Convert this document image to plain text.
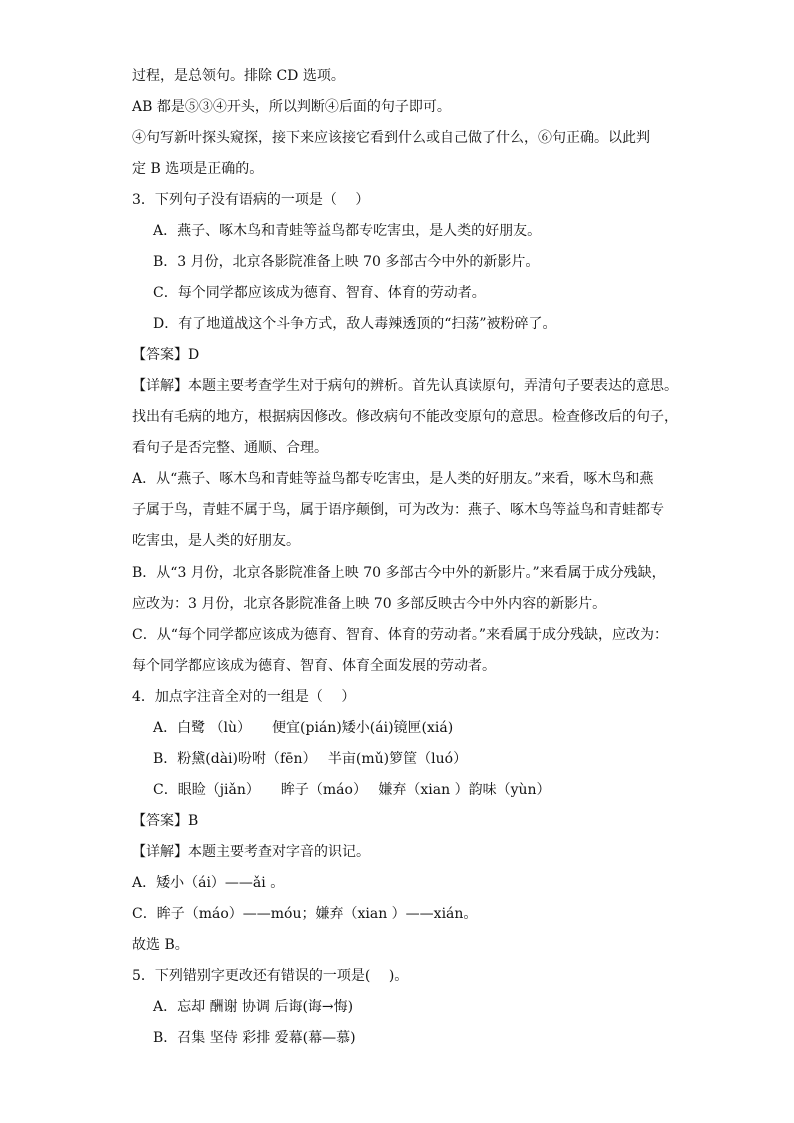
过程，是总领句。排除 CD 选项。
AB 都是⑤③④开头，所以判断④后面的句子即可。
④句写新叶探头窥探，接下来应该接它看到什么或自己做了什么，⑥句正确。以此判
定 B 选项是正确的。
3．下列句子没有语病的一项是（　 ）
A．燕子、啄木鸟和青蛙等益鸟都专吃害虫，是人类的好朋友。
B．3 月份，北京各影院准备上映 70 多部古今中外的新影片。
C．每个同学都应该成为德育、智育、体育的劳动者。
D．有了地道战这个斗争方式，敌人毒辣透顶的“扫荡”被粉碎了。
【答案】D
【详解】本题主要考查学生对于病句的辨析。首先认真读原句，弄清句子要表达的意思。
找出有毛病的地方，根据病因修改。修改病句不能改变原句的意思。检查修改后的句子，
看句子是否完整、通顺、合理。
A．从“燕子、啄木鸟和青蛙等益鸟都专吃害虫，是人类的好朋友。”来看，啄木鸟和燕
子属于鸟，青蛙不属于鸟，属于语序颠倒，可为改为：燕子、啄木鸟等益鸟和青蛙都专
吃害虫，是人类的好朋友。
B．从“3 月份，北京各影院准备上映 70 多部古今中外的新影片。”来看属于成分残缺，
应改为：3 月份，北京各影院准备上映 70 多部反映古今中外内容的新影片。
C．从“每个同学都应该成为德育、智育、体育的劳动者。”来看属于成分残缺，应改为：
每个同学都应该成为德育、智育、体育全面发展的劳动者。
4．加点字注音全对的一组是（　 ）
A．白鹭 （lù）　　便宜(pián)矮小(ái)镜匣(xiá)
B．粉黛(dài)吩咐（fēn）　 半亩(mǔ)箩筐（luó）
C．眼睑（jiǎn）　　眸子（máo）　 嫌弃（xian ）韵味（yùn）
【答案】B
【详解】本题主要考查对字音的识记。
A．矮小（ái）——ǎi 。
C．眸子（máo）——móu；嫌弃（xian ）——xián。
故选 B。
5．下列错别字更改还有错误的一项是(　 )。
A．忘却 酬谢 协调 后诲(诲→悔)
B．召集 坚侍 彩排 爱幕(幕—慕)
